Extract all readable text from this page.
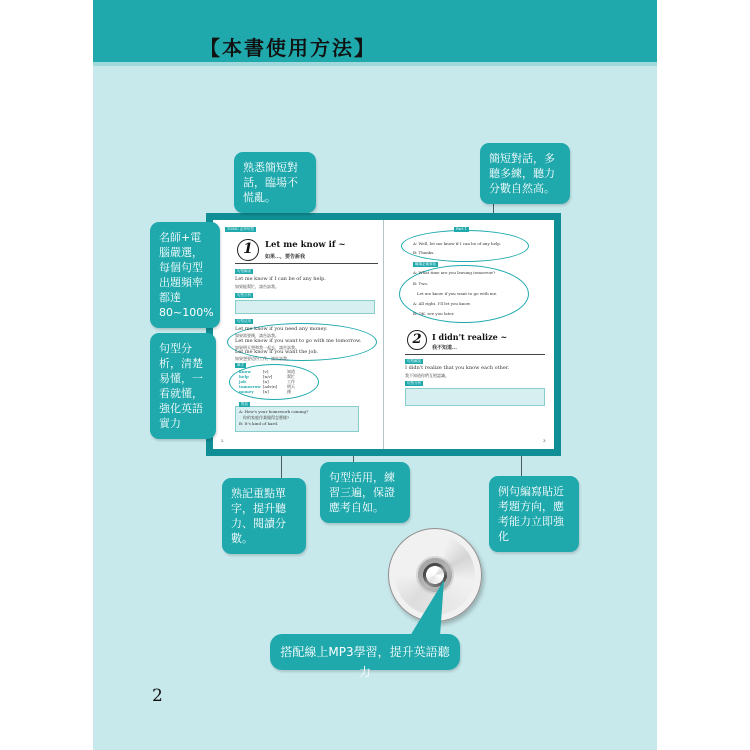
【本書使用方法】
TOEIC 必考句型
1	Let me know if ~
如果…，要告訴我
句型解說
Let me know if I can be of any help.
如果能幫忙，請告訴我。
句型分析
句型活用
Let me know if you need any money.
如果需要錢，請告訴我。
Let me know if you want to go with me tomorrow.
如果明天想和我一起去，請告訴我。
Let me know if you want the job.
如果想要這份工作，請告訴我。
單字
know	[v]	知道
help	[n/v]	幫忙
job	[n]	工作
tomorrow [adv/n] 明天
money [n]	錢
對話
A: How's your homework coming?
你的家庭作業做得怎麼樣?
B: It's kind of hard.
2
Part 1
A: Well, let me know if I can be of any help.
B: Thanks.
職場必備會話
A: What time are you leaving tomorrow?
B: Two.
Let me know if you want to go with me.
A: All right. I'll let you know.
B: OK, see you later.
2	I didn't realize ~
我不知道…
句型解說
I didn't realize that you know each other.
我不知道你們互相認識。
句型分析
3
熟悉簡短對話，臨場不慌亂。
簡短對話，多聽多練，聽力分數自然高。
名師+電腦嚴選，每個句型出題頻率都達80~100%
句型分析，清楚易懂，一看就懂，強化英語實力
句型活用，練習三遍，保證應考自如。
熟記重點單字，提升聽力、閱讀分數。
例句編寫貼近考題方向，應考能力立即強化
搭配線上MP3學習，提升英語聽力
2
